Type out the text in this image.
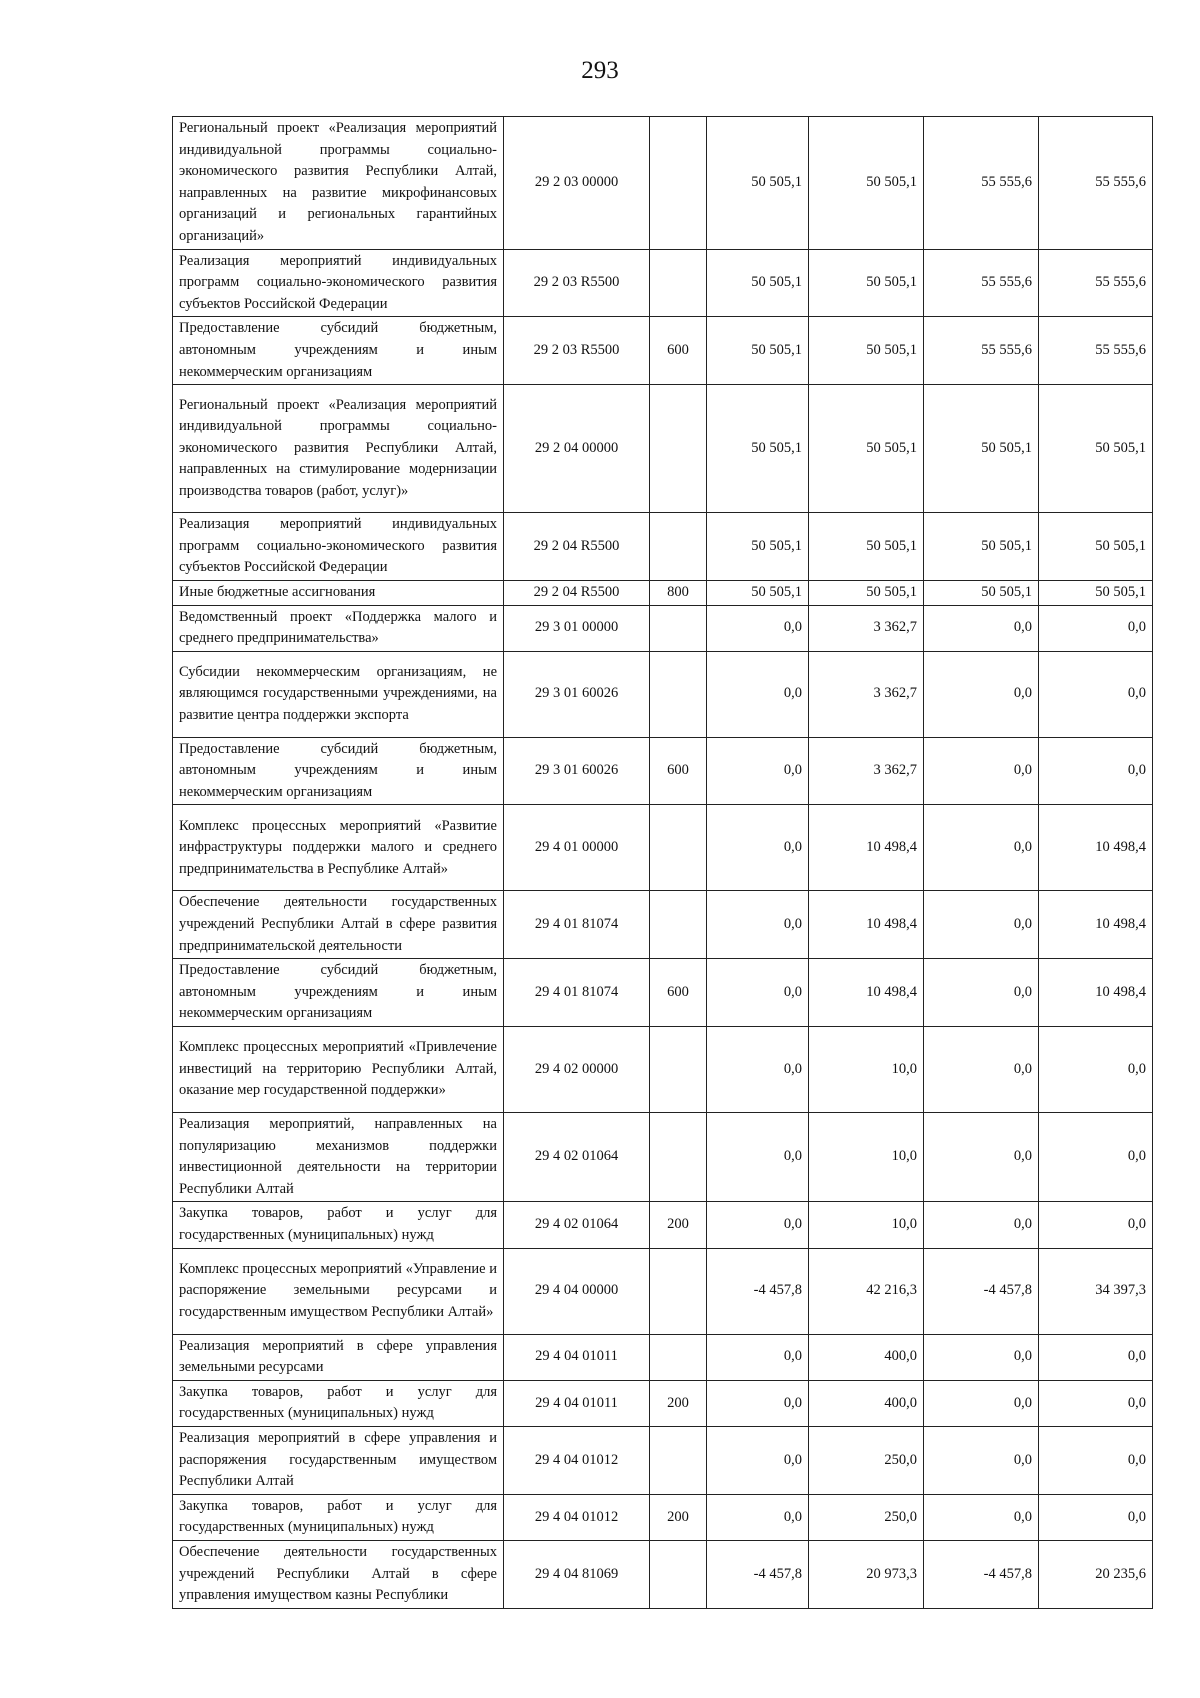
293
Региональный проект «Реализация мероприятий индивидуальной программы социально-экономического развития Республики Алтай, направленных на развитие микрофинансовых организаций и региональных гарантийных организаций»	29 2 03 00000		50 505,1	50 505,1	55 555,6	55 555,6
Реализация мероприятий индивидуальных программ социально-экономического развития субъектов Российской Федерации	29 2 03 R5500		50 505,1	50 505,1	55 555,6	55 555,6
Предоставление субсидий бюджетным, автономным учреждениям и иным некоммерческим организациям	29 2 03 R5500	600	50 505,1	50 505,1	55 555,6	55 555,6
Региональный проект «Реализация мероприятий индивидуальной программы социально-экономического развития Республики Алтай, направленных на стимулирование модернизации производства товаров (работ, услуг)»	29 2 04 00000		50 505,1	50 505,1	50 505,1	50 505,1
Реализация мероприятий индивидуальных программ социально-экономического развития субъектов Российской Федерации	29 2 04 R5500		50 505,1	50 505,1	50 505,1	50 505,1
Иные бюджетные ассигнования	29 2 04 R5500	800	50 505,1	50 505,1	50 505,1	50 505,1
Ведомственный проект «Поддержка малого и среднего предпринимательства»	29 3 01 00000		0,0	3 362,7	0,0	0,0
Субсидии некоммерческим организациям, не являющимся государственными учреждениями, на развитие центра поддержки экспорта	29 3 01 60026		0,0	3 362,7	0,0	0,0
Предоставление субсидий бюджетным, автономным учреждениям и иным некоммерческим организациям	29 3 01 60026	600	0,0	3 362,7	0,0	0,0
Комплекс процессных мероприятий «Развитие инфраструктуры поддержки малого и среднего предпринимательства в Республике Алтай»	29 4 01 00000		0,0	10 498,4	0,0	10 498,4
Обеспечение деятельности государственных учреждений Республики Алтай в сфере развития предпринимательской деятельности	29 4 01 81074		0,0	10 498,4	0,0	10 498,4
Предоставление субсидий бюджетным, автономным учреждениям и иным некоммерческим организациям	29 4 01 81074	600	0,0	10 498,4	0,0	10 498,4
Комплекс процессных мероприятий «Привлечение инвестиций на территорию Республики Алтай, оказание мер государственной поддержки»	29 4 02 00000		0,0	10,0	0,0	0,0
Реализация мероприятий, направленных на популяризацию механизмов поддержки инвестиционной деятельности на территории Республики Алтай	29 4 02 01064		0,0	10,0	0,0	0,0
Закупка товаров, работ и услуг для государственных (муниципальных) нужд	29 4 02 01064	200	0,0	10,0	0,0	0,0
Комплекс процессных мероприятий «Управление и распоряжение земельными ресурсами и государственным имуществом Республики Алтай»	29 4 04 00000		-4 457,8	42 216,3	-4 457,8	34 397,3
Реализация мероприятий в сфере управления земельными ресурсами	29 4 04 01011		0,0	400,0	0,0	0,0
Закупка товаров, работ и услуг для государственных (муниципальных) нужд	29 4 04 01011	200	0,0	400,0	0,0	0,0
Реализация мероприятий в сфере управления и распоряжения государственным имуществом Республики Алтай	29 4 04 01012		0,0	250,0	0,0	0,0
Закупка товаров, работ и услуг для государственных (муниципальных) нужд	29 4 04 01012	200	0,0	250,0	0,0	0,0
Обеспечение деятельности государственных учреждений Республики Алтай в сфере управления имуществом казны Республики	29 4 04 81069		-4 457,8	20 973,3	-4 457,8	20 235,6
